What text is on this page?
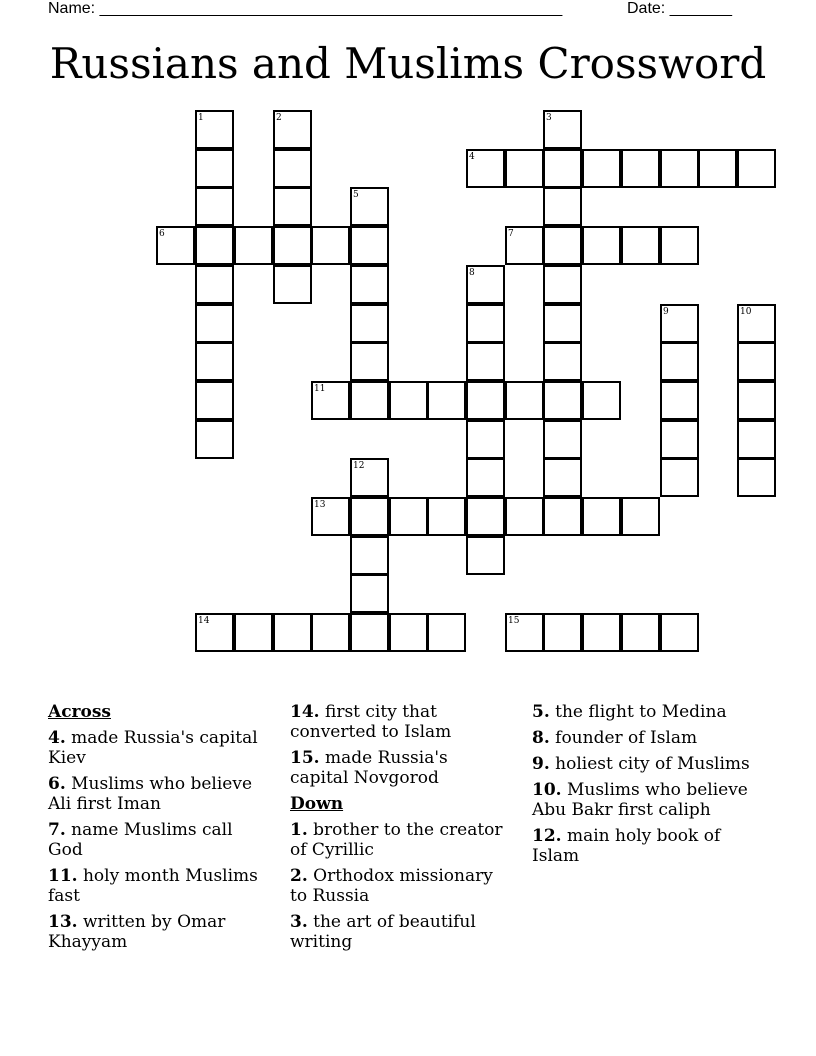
Name: ____________________________________________________	Date: _______
Russians and Muslims Crossword
1	2	3
4
5
6	7
8
9	10
11
12
13
14	15
Across
4. made Russia's capital Kiev
6. Muslims who believe Ali first Iman
7. name Muslims call God
11. holy month Muslims fast
13. written by Omar Khayyam
14. first city that converted to Islam
15. made Russia's capital Novgorod
Down
1. brother to the creator of Cyrillic
2. Orthodox missionary to Russia
3. the art of beautiful writing
5. the flight to Medina
8. founder of Islam
9. holiest city of Muslims
10. Muslims who believe Abu Bakr first caliph
12. main holy book of Islam
